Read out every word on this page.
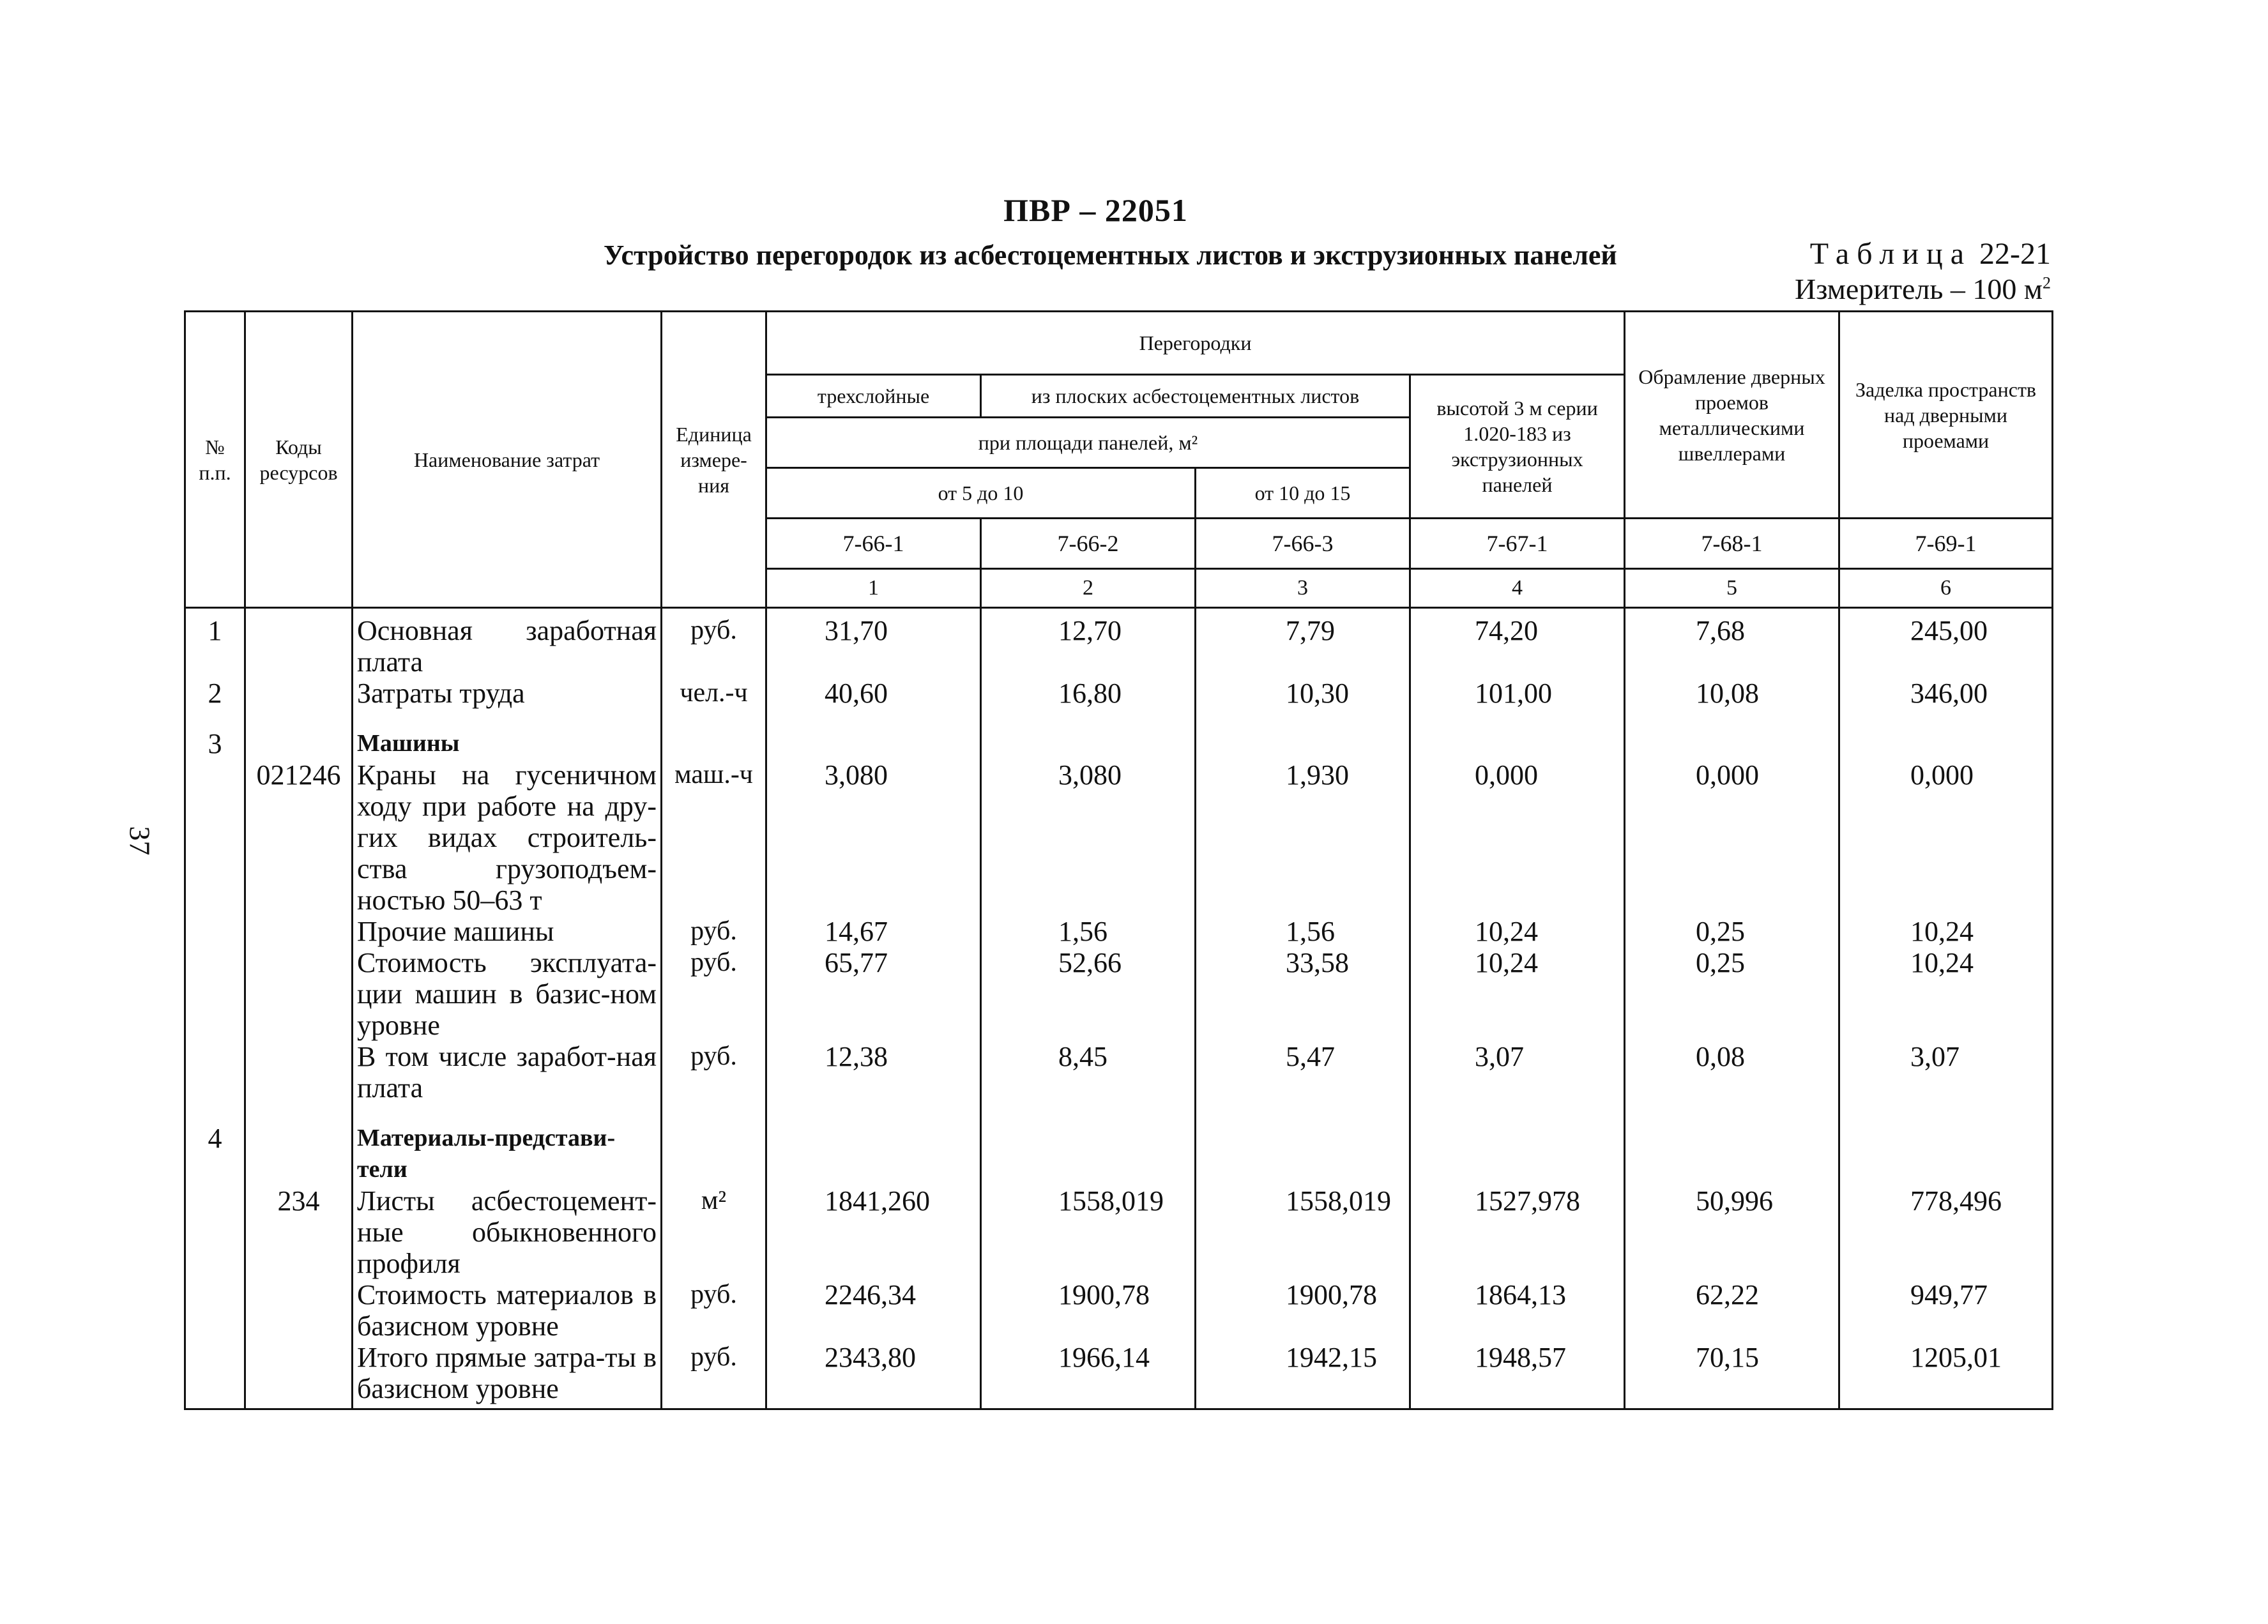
37
ПВР – 22051
Устройство перегородок из асбестоцементных листов и экструзионных панелей	Таблица 22-21
Измеритель – 100 $м^2$
№ п.п.	Коды ресурсов	Наименование затрат	Единица измере-ния	Перегородки				Обрамление дверных проемов металлическими швеллерами	Заделка пространств над дверными проемами
				трехслойные	из плоских асбестоцементных листов		высотой 3 м серии 1.020-183 из экструзионных панелей		
				при площади панелей, м²					
				от 5 до 10		от 10 до 15			
				7-66-1	7-66-2	7-66-3	7-67-1	7-68-1	7-69-1
				1	2	3	4	5	6
1		Основная заработная плата	руб.	31,70	12,70	7,79	74,20	7,68	245,00
2		Затраты труда	чел.-ч	40,60	16,80	10,30	101,00	10,08	346,00

3		Машины							
	021246	Краны на гусеничном ходу при работе на дру-гих видах строитель-ства грузоподъем-ностью 50–63 т	маш.-ч	3,080	3,080	1,930	0,000	0,000	0,000
		Прочие машины	руб.	14,67	1,56	1,56	10,24	0,25	10,24
		Стоимость эксплуата-ции машин в базис-ном уровне	руб.	65,77	52,66	33,58	10,24	0,25	10,24
		В том числе заработ-ная плата	руб.	12,38	8,45	5,47	3,07	0,08	3,07

4		Материалы-представи-тели							
	234	Листы асбестоцемент-ные обыкновенного профиля	м²	1841,260	1558,019	1558,019	1527,978	50,996	778,496
		Стоимость материалов в базисном уровне	руб.	2246,34	1900,78	1900,78	1864,13	62,22	949,77
		Итого прямые затра-ты в базисном уровне	руб.	2343,80	1966,14	1942,15	1948,57	70,15	1205,01
